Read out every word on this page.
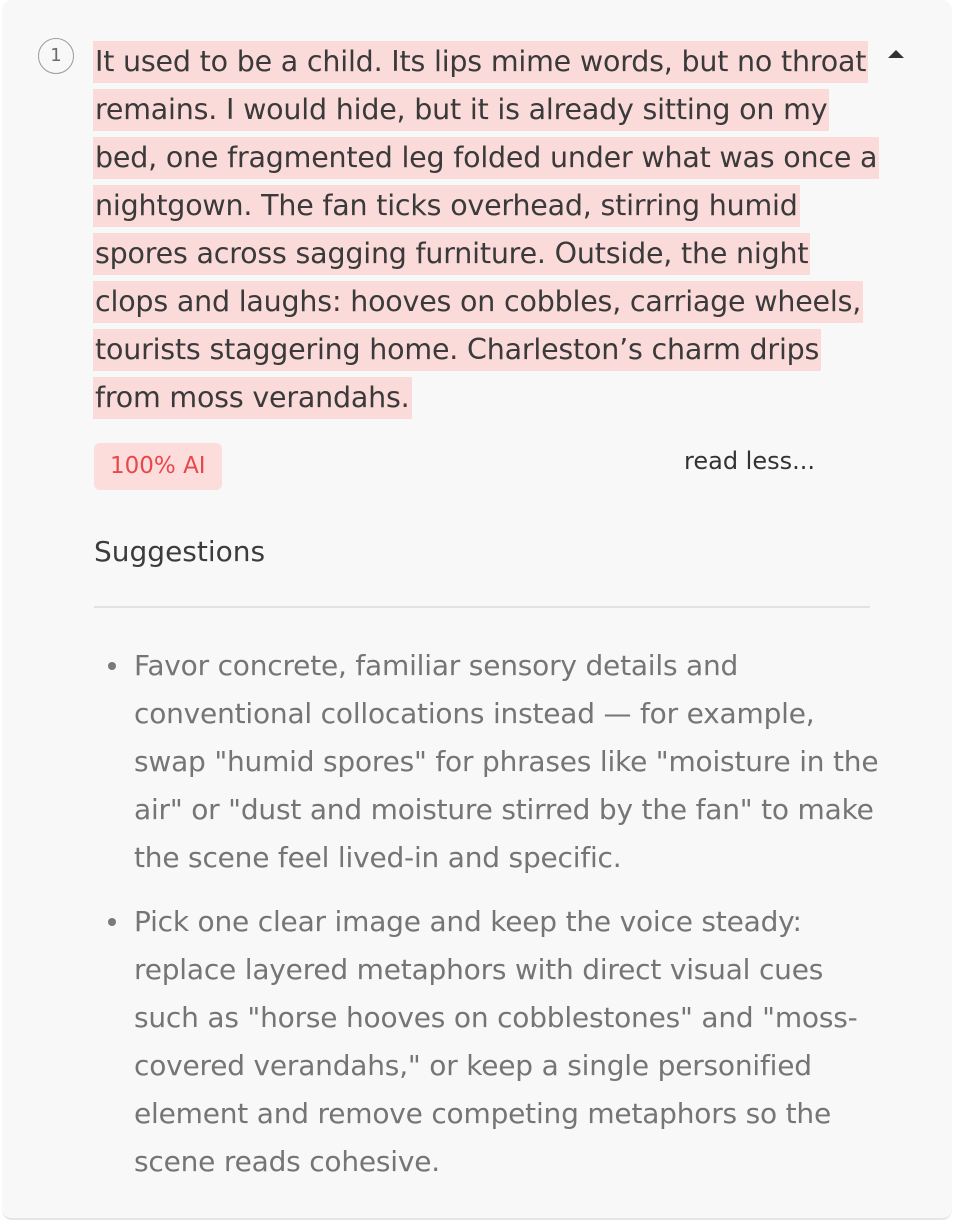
1	It used to be a child. Its lips mime words, but no throat remains. I would hide, but it is already sitting on my bed, one fragmented leg folded under what was once a nightgown. The fan ticks overhead, stirring humid spores across sagging furniture. Outside, the night clops and laughs: hooves on cobbles, carriage wheels, tourists staggering home. Charleston’s charm drips from moss verandahs.
100% AI	read less...
Suggestions
Favor concrete, familiar sensory details and conventional collocations instead — for example, swap "humid spores" for phrases like "moisture in the air" or "dust and moisture stirred by the fan" to make the scene feel lived-in and specific.
Pick one clear image and keep the voice steady: replace layered metaphors with direct visual cues such as "horse hooves on cobblestones" and "moss-covered verandahs," or keep a single personified element and remove competing metaphors so the scene reads cohesive.
